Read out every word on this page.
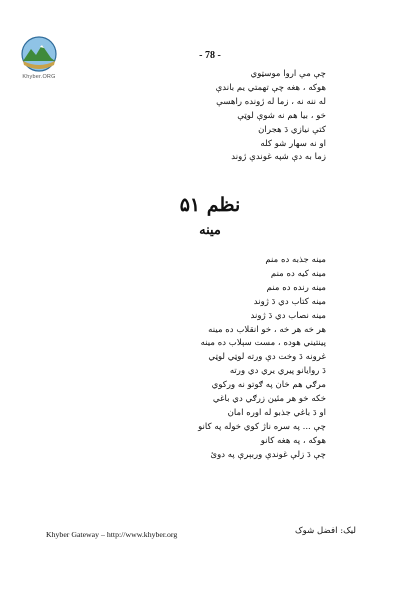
Khyber.ORG
- 78 -
چې مې اروا موسټوي
هوکه ، هغه چې تهمتي يم باندې
له ننه نه ، زما له ژونده راهسې
خو ، بيا هم نه شوې لوټې
کتې نيازي دَ هجران
او نه سهار شو کله
زما به دې شپه غوندې ژوند
نظم ۵۱
مينه
مينه جذبه ده منم
مينه کيه ده منم
مينه رنده ده منم
مينه کتاب دي دَ ژوند
مينه نصاب دي دَ ژوند
هر خه هر خه ، خو انقلاب ده مينه
پينتيني هوده ، مست سېلاب ده مينه
غرونه دَ وخت دې ورته لوټي لوټي
دَ روايانو پيري يري دي ورته
مرګي هم خان په ګوتو نه ورکوي
خکه خو هر مئين زرګي دي باغي
او دَ باغي جذبو له اوره امان
چې ... په سره ناژ کوي خوله په کانو
هوکه ، په هغه کانو
چې دَ زلې غوندې وربېرې په دوئ
Khyber Gateway – http://www.khyber.org	ليک: افضل شوک
